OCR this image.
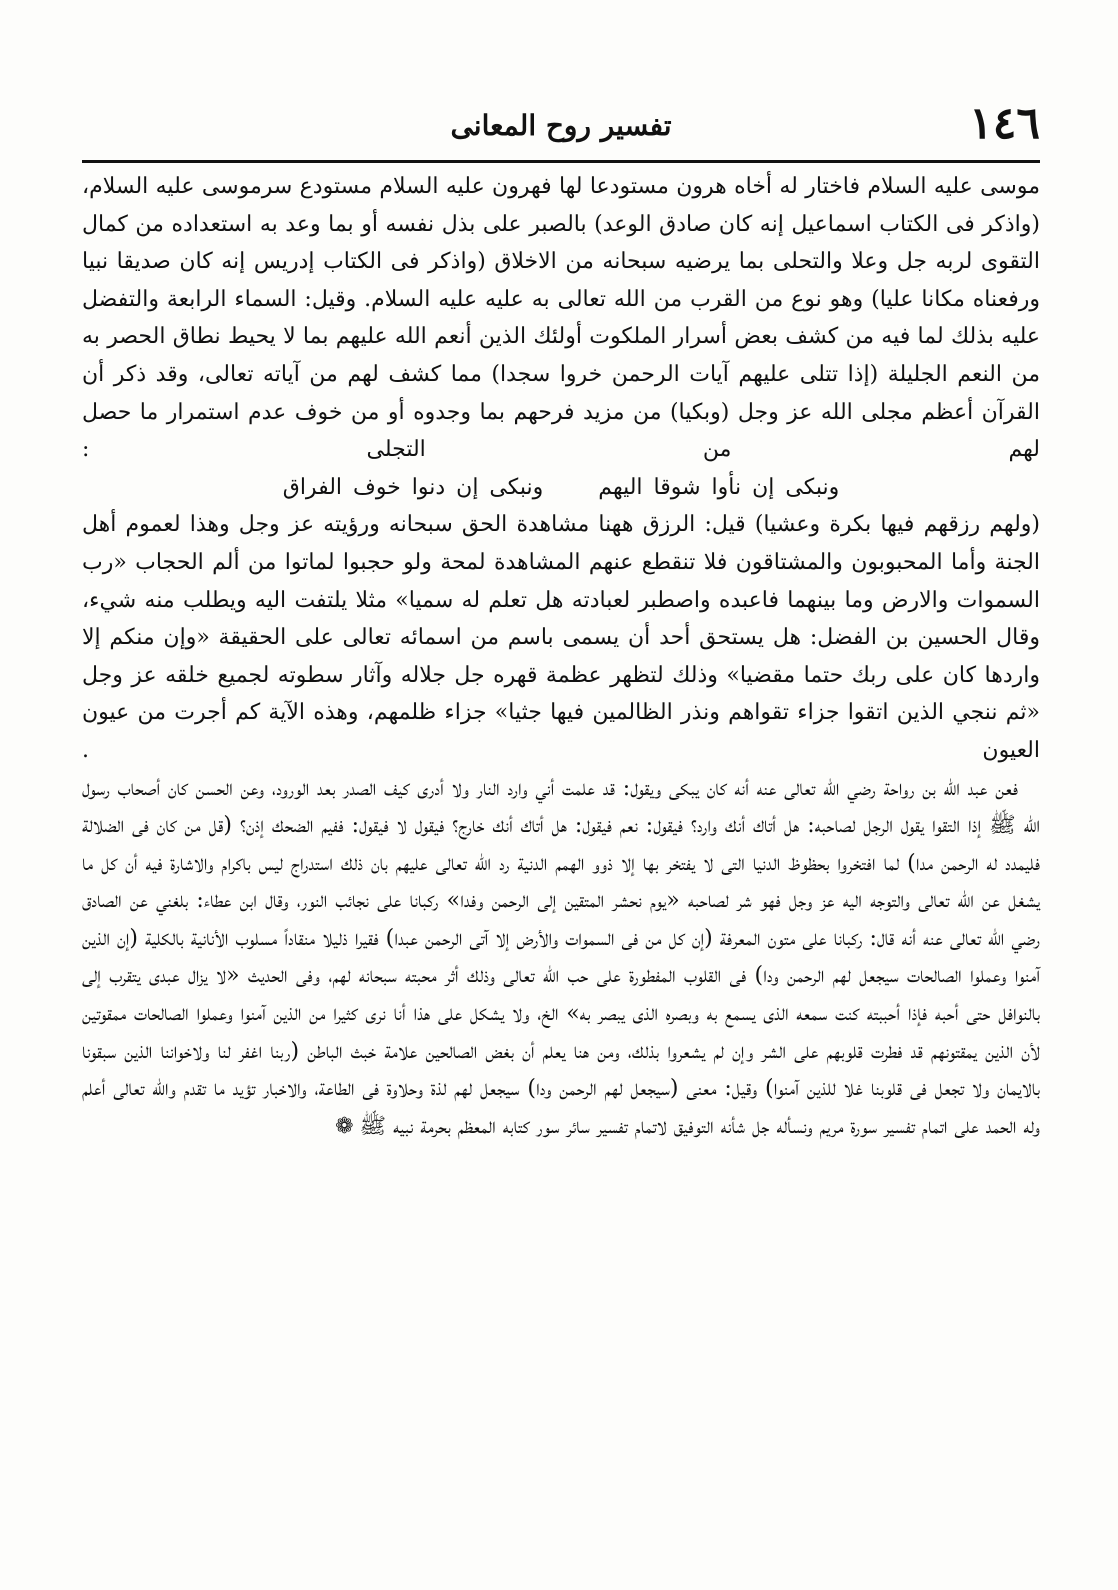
١٤٦
تفسير روح المعانى

موسى عليه السلام فاختار له أخاه هرون مستودعا لها فهرون عليه السلام مستودع سرموسى عليه السلام، (واذكر فى الكتاب اسماعيل إنه كان صادق الوعد) بالصبر على بذل نفسه أو بما وعد به استعداده من كمال التقوى لربه جل وعلا والتحلى بما يرضيه سبحانه من الاخلاق (واذكر فى الكتاب إدريس إنه كان صديقا نبيا ورفعناه مكانا عليا) وهو نوع من القرب من الله تعالى به عليه عليه السلام. وقيل: السماء الرابعة والتفضل عليه بذلك لما فيه من كشف بعض أسرار الملكوت أولئك الذين أنعم الله عليهم بما لا يحيط نطاق الحصر به من النعم الجليلة (إذا تتلى عليهم آيات الرحمن خروا سجدا) مما كشف لهم من آياته تعالى، وقد ذكر أن القرآن أعظم مجلى الله عز وجل (وبكيا) من مزيد فرحهم بما وجدوه أو من خوف عدم استمرار ما حصل لهم من التجلى :

ونبكى إن نأوا شوقا اليهم ونبكى إن دنوا خوف الفراق

(ولهم رزقهم فيها بكرة وعشيا) قيل: الرزق ههنا مشاهدة الحق سبحانه ورؤيته عز وجل وهذا لعموم أهل الجنة وأما المحبوبون والمشتاقون فلا تنقطع عنهم المشاهدة لمحة ولو حجبوا لماتوا من ألم الحجاب «رب السموات والارض وما بينهما فاعبده واصطبر لعبادته هل تعلم له سميا» مثلا يلتفت اليه ويطلب منه شيء، وقال الحسين بن الفضل: هل يستحق أحد أن يسمى باسم من اسمائه تعالى على الحقيقة «وإن منكم إلا واردها كان على ربك حتما مقضيا» وذلك لتظهر عظمة قهره جل جلاله وآثار سطوته لجميع خلقه عز وجل «ثم ننجي الذين اتقوا جزاء تقواهم ونذر الظالمين فيها جثيا» جزاء ظلمهم، وهذه الآية كم أجرت من عيون العيون .

فعن عبد الله بن رواحة رضي الله تعالى عنه أنه كان يبكى ويقول: قد علمت أني وارد النار ولا أدرى كيف الصدر بعد الورود، وعن الحسن كان أصحاب رسول الله ﷺ إذا التقوا يقول الرجل لصاحبه: هل أتاك أنك وارد؟ فيقول: نعم فيقول: هل أتاك أنك خارج؟ فيقول لا فيقول: ففيم الضحك إذن؟ (قل من كان فى الضلالة فليمدد له الرحمن مدا) لما افتخروا بحظوظ الدنيا التى لا يفتخر بها إلا ذوو الهمم الدنية رد الله تعالى عليهم بان ذلك استدراج ليس باكرام والاشارة فيه أن كل ما يشغل عن الله تعالى والتوجه اليه عز وجل فهو شر لصاحبه «يوم نحشر المتقين إلى الرحمن وفدا» ركبانا على نجائب النور، وقال ابن عطاء: بلغني عن الصادق رضي الله تعالى عنه أنه قال: ركبانا على متون المعرفة (إن كل من فى السموات والأرض إلا آتى الرحمن عبدا) فقيرا ذليلا منقاداً مسلوب الأنانية بالكلية (إن الذين آمنوا وعملوا الصالحات سيجعل لهم الرحمن ودا) فى القلوب المفطورة على حب الله تعالى وذلك أثر محبته سبحانه لهم، وفى الحديث «لا يزال عبدى يتقرب إلى بالنوافل حتى أحبه فإذا أحببته كنت سمعه الذى يسمع به وبصره الذى يبصر به» الخ، ولا يشكل على هذا أنا نرى كثيرا من الذين آمنوا وعملوا الصالحات ممقوتين لأن الذين يمقتونهم قد فطرت قلوبهم على الشر وإن لم يشعروا بذلك، ومن هنا يعلم أن بغض الصالحين علامة خبث الباطن (ربنا اغفر لنا ولاخواننا الذين سبقونا بالايمان ولا تجعل فى قلوبنا غلا للذين آمنوا) وقيل: معنى (سيجعل لهم الرحمن ودا) سيجعل لهم لذة وحلاوة فى الطاعة، والاخبار تؤيد ما تقدم والله تعالى أعلم وله الحمد على اتمام تفسير سورة مريم ونسأله جل شأنه التوفيق لاتمام تفسير سائر سور كتابه المعظم بحرمة نبيه ﷺ❁
